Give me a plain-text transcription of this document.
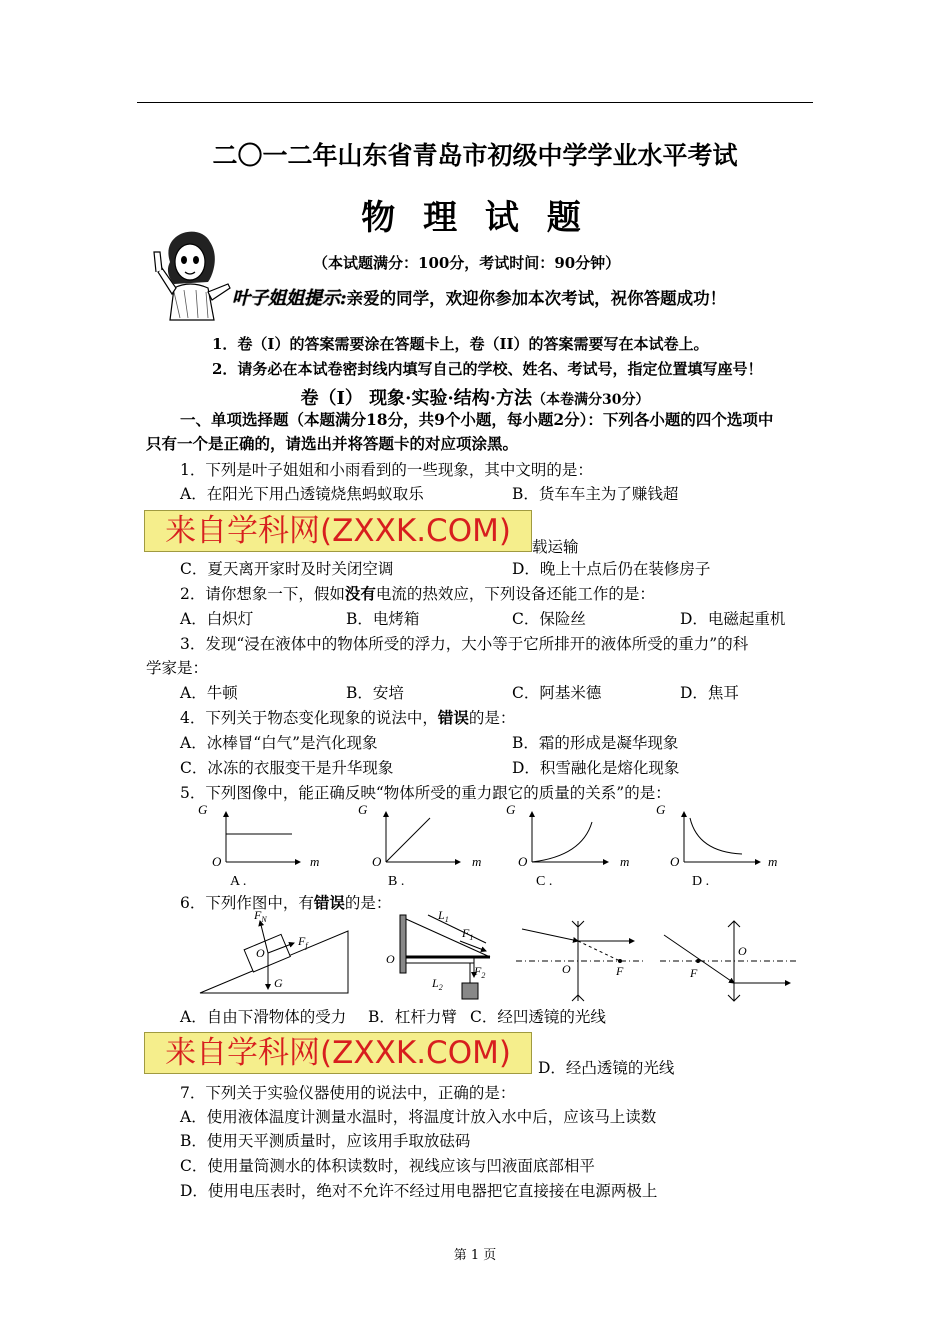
二〇一二年山东省青岛市初级中学学业水平考试
物 理 试 题
（本试题满分：100分，考试时间：90分钟）
叶子姐姐提示:亲爱的同学，欢迎你参加本次考试，祝你答题成功！
1．卷（I）的答案需要涂在答题卡上，卷（II）的答案需要写在本试卷上。
2．请务必在本试卷密封线内填写自己的学校、姓名、考试号，指定位置填写座号！
卷（I） 现象·实验·结构·方法（本卷满分30分）
一、单项选择题（本题满分18分，共9个小题，每小题2分）：下列各小题的四个选项中
只有一个是正确的，请选出并将答题卡的对应项涂黑。
1．下列是叶子姐姐和小雨看到的一些现象，其中文明的是：
A．在阳光下用凸透镜烧焦蚂蚁取乐	B．货车车主为了赚钱超
来自学科网(ZXXK.COM)	载运输
C．夏天离开家时及时关闭空调	D．晚上十点后仍在装修房子
2．请你想象一下，假如没有电流的热效应，下列设备还能工作的是：
A．白炽灯	B．电烤箱	C．保险丝	D．电磁起重机
3．发现“浸在液体中的物体所受的浮力，大小等于它所排开的液体所受的重力”的科
学家是：
A．牛顿	B．安培	C．阿基米德	D．焦耳
4．下列关于物态变化现象的说法中，错误的是：
A．冰棒冒“白气”是汽化现象	B．霜的形成是凝华现象
C．冰冻的衣服变干是升华现象	D．积雪融化是熔化现象
5．下列图像中，能正确反映“物体所受的重力跟它的质量的关系”的是：
G
O	m
A .
G
O	m
B .
G
O	m
C .
G
O	m
D .
6．下列作图中，有错误的是：
$F_N$
$F_f$
O
G
O
$L_1$
$F_1$
$F_2$
$L_2$
O	F
O
F
A．自由下滑物体的受力 B．杠杆力臂 C．经凹透镜的光线
来自学科网(ZXXK.COM)	D．经凸透镜的光线
7．下列关于实验仪器使用的说法中，正确的是：
A．使用液体温度计测量水温时，将温度计放入水中后，应该马上读数
B．使用天平测质量时，应该用手取放砝码
C．使用量筒测水的体积读数时，视线应该与凹液面底部相平
D．使用电压表时，绝对不允许不经过用电器把它直接接在电源两极上
第 1 页
